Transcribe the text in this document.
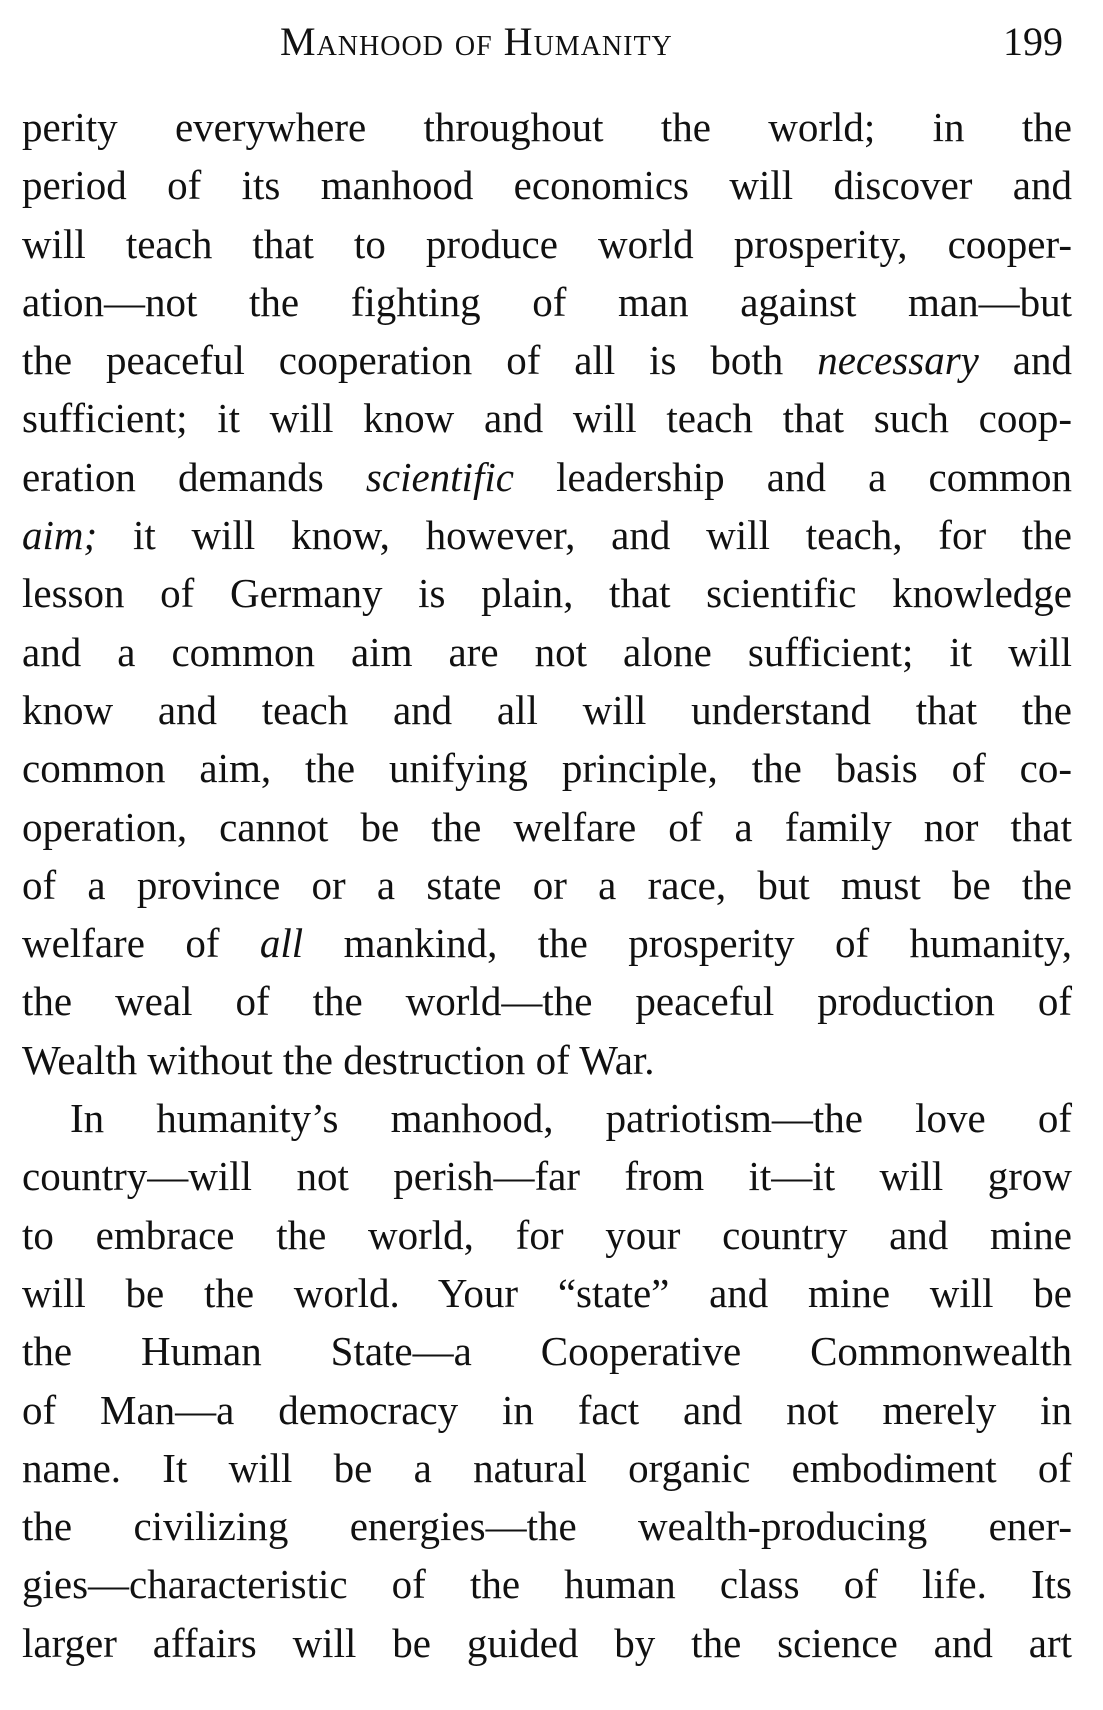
Manhood of Humanity	199
perity everywhere throughout the world; in the
period of its manhood economics will discover and
will teach that to produce world prosperity, cooper-
ation—not the fighting of man against man—but
the peaceful cooperation of all is both necessary and
sufficient; it will know and will teach that such coop-
eration demands scientific leadership and a common
aim; it will know, however, and will teach, for the
lesson of Germany is plain, that scientific knowledge
and a common aim are not alone sufficient; it will
know and teach and all will understand that the
common aim, the unifying principle, the basis of co-
operation, cannot be the welfare of a family nor that
of a province or a state or a race, but must be the
welfare of all mankind, the prosperity of humanity,
the weal of the world—the peaceful production of
Wealth without the destruction of War.
In humanity’s manhood, patriotism—the love of
country—will not perish—far from it—it will grow
to embrace the world, for your country and mine
will be the world. Your “state” and mine will be
the Human State—a Cooperative Commonwealth
of Man—a democracy in fact and not merely in
name. It will be a natural organic embodiment of
the civilizing energies—the wealth-producing ener-
gies—characteristic of the human class of life. Its
larger affairs will be guided by the science and art
